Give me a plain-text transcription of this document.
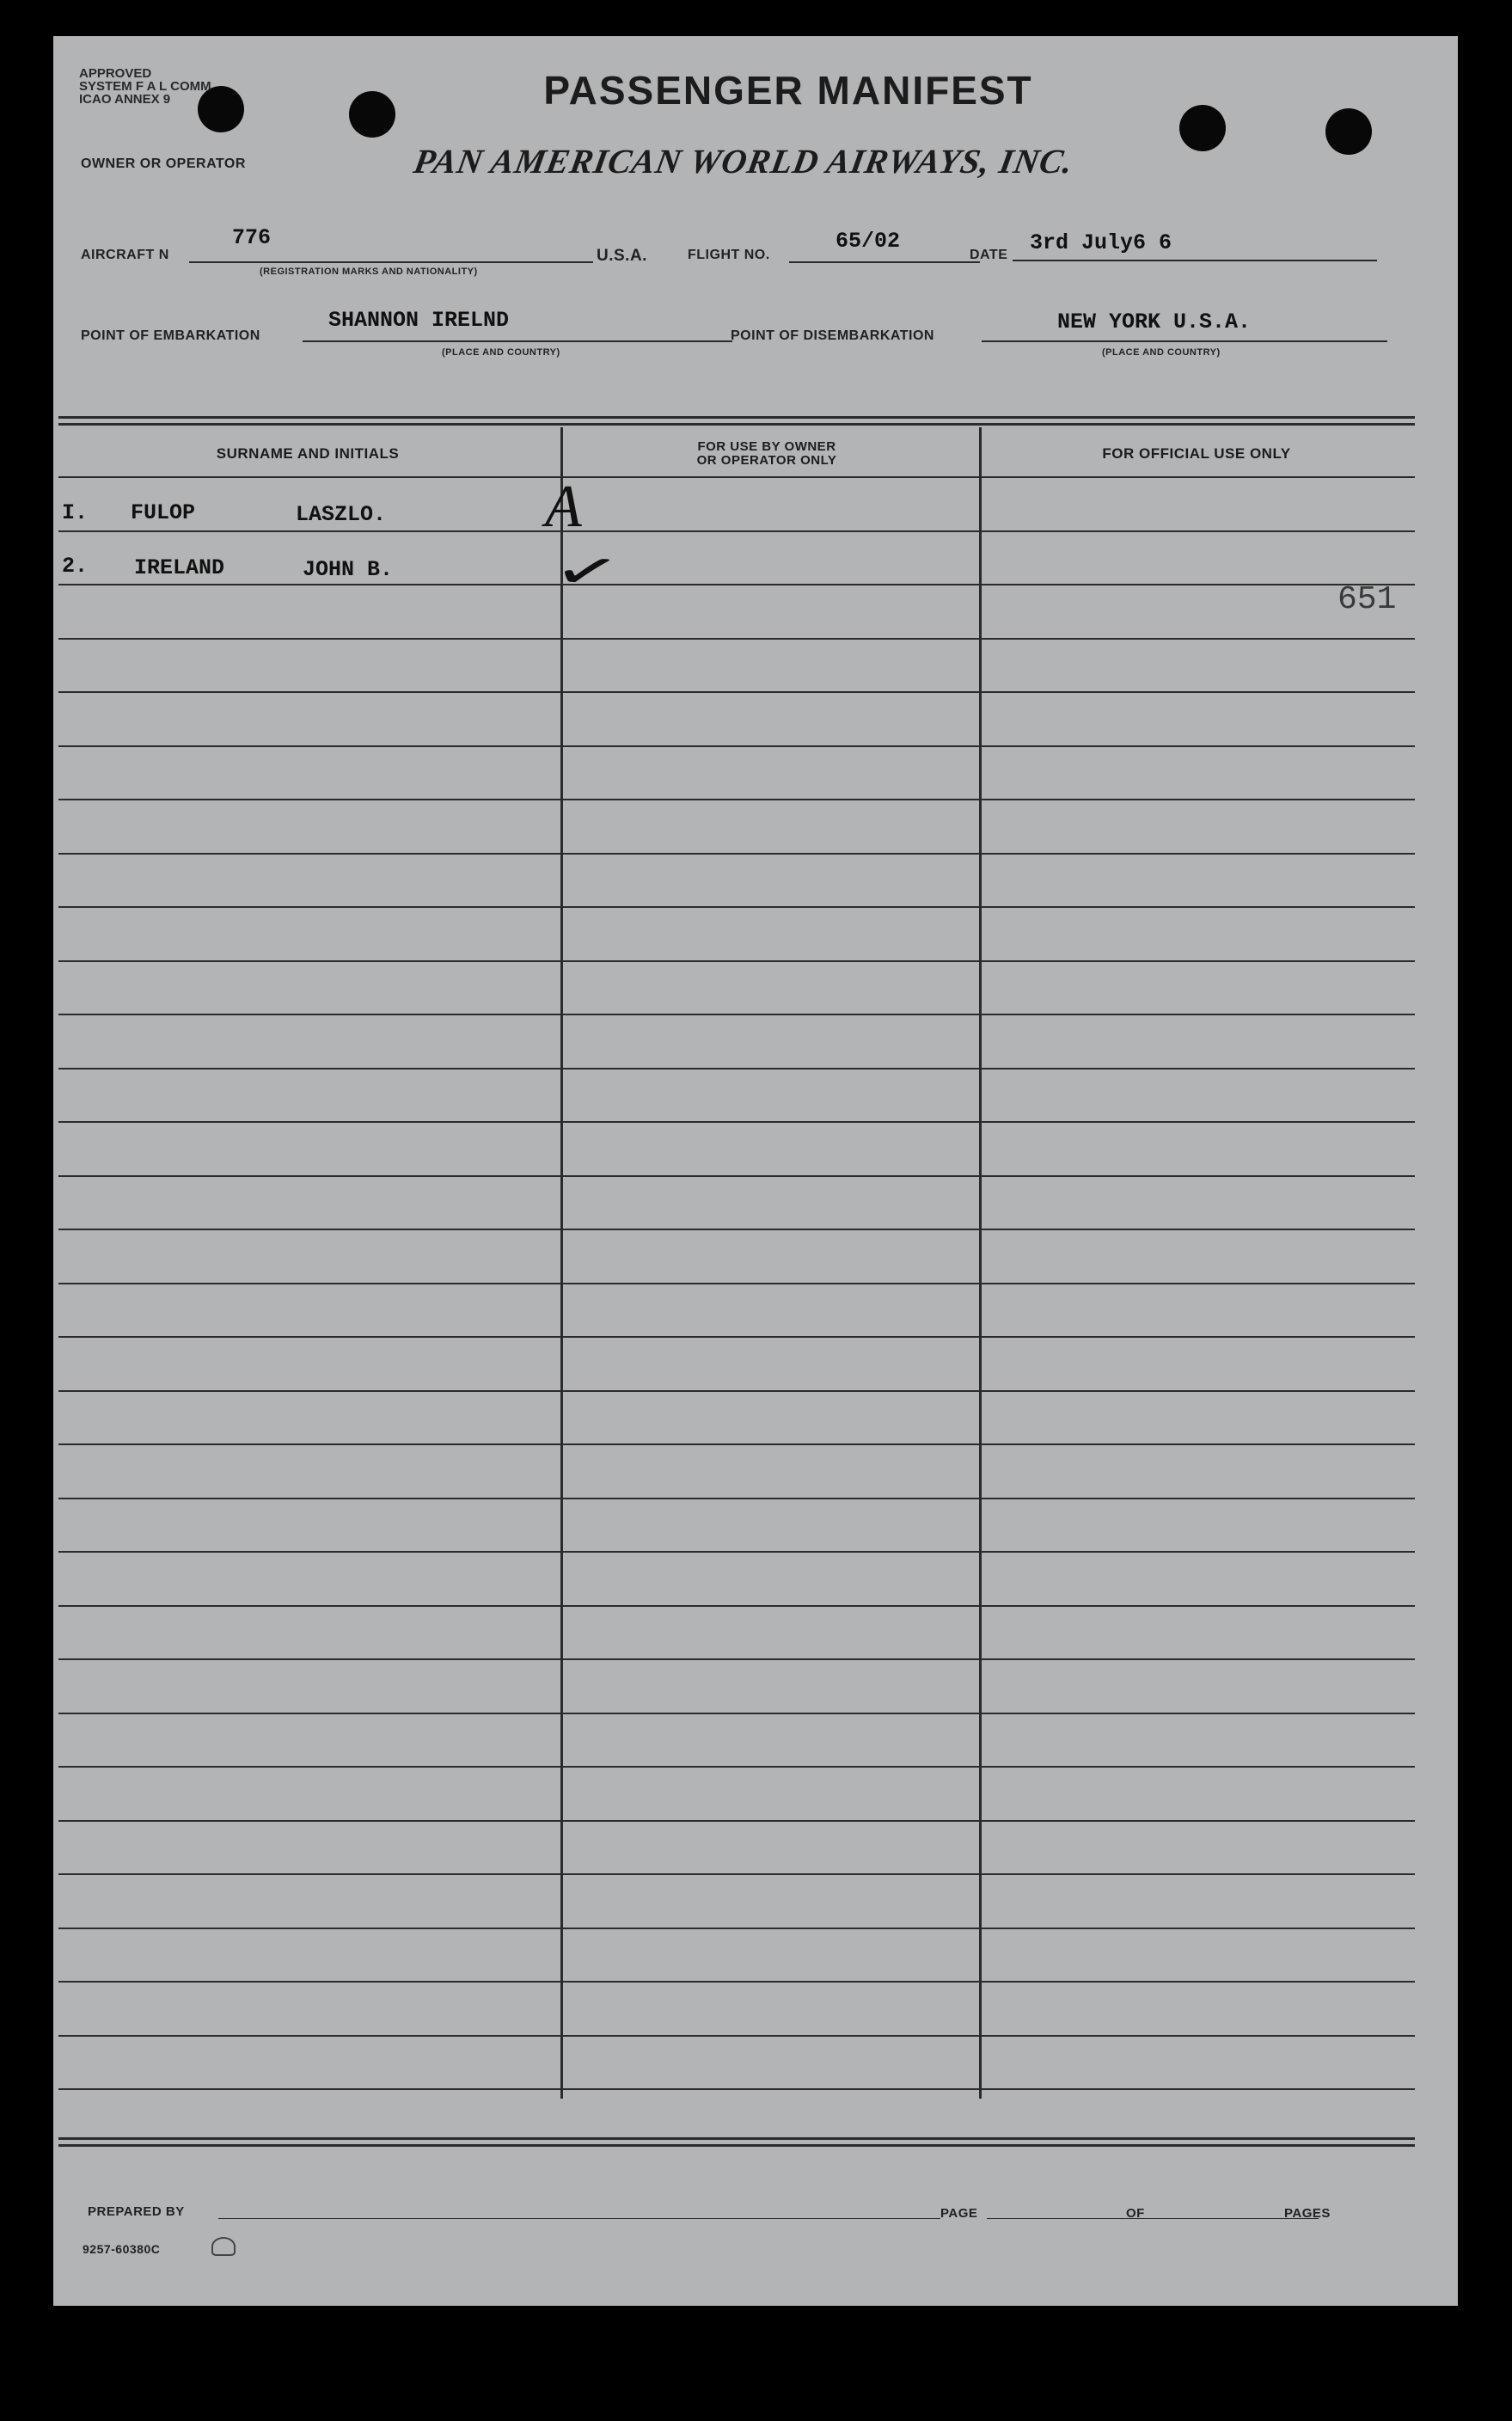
APPROVED
SYSTEM F A L COMM
ICAO ANNEX 9	PASSENGER MANIFEST
OWNER OR OPERATOR	PAN AMERICAN WORLD AIRWAYS, INC.
AIRCRAFT N
776
(REGISTRATION MARKS AND NATIONALITY)
U.S.A.	FLIGHT NO.
65/02
DATE 3rd July6 6
POINT OF EMBARKATION
SHANNON IRELND
(PLACE AND COUNTRY)
POINT OF DISEMBARKATION
NEW YORK U.S.A.
(PLACE AND COUNTRY)
SURNAME AND INITIALS	FOR USE BY OWNER
OR OPERATOR ONLY	FOR OFFICIAL USE ONLY
I. FULOP	LASZLO.	A
2. IRELAND	JOHN B.	✓	651
PREPARED BY	PAGE	OF	PAGES
9257-60380C
